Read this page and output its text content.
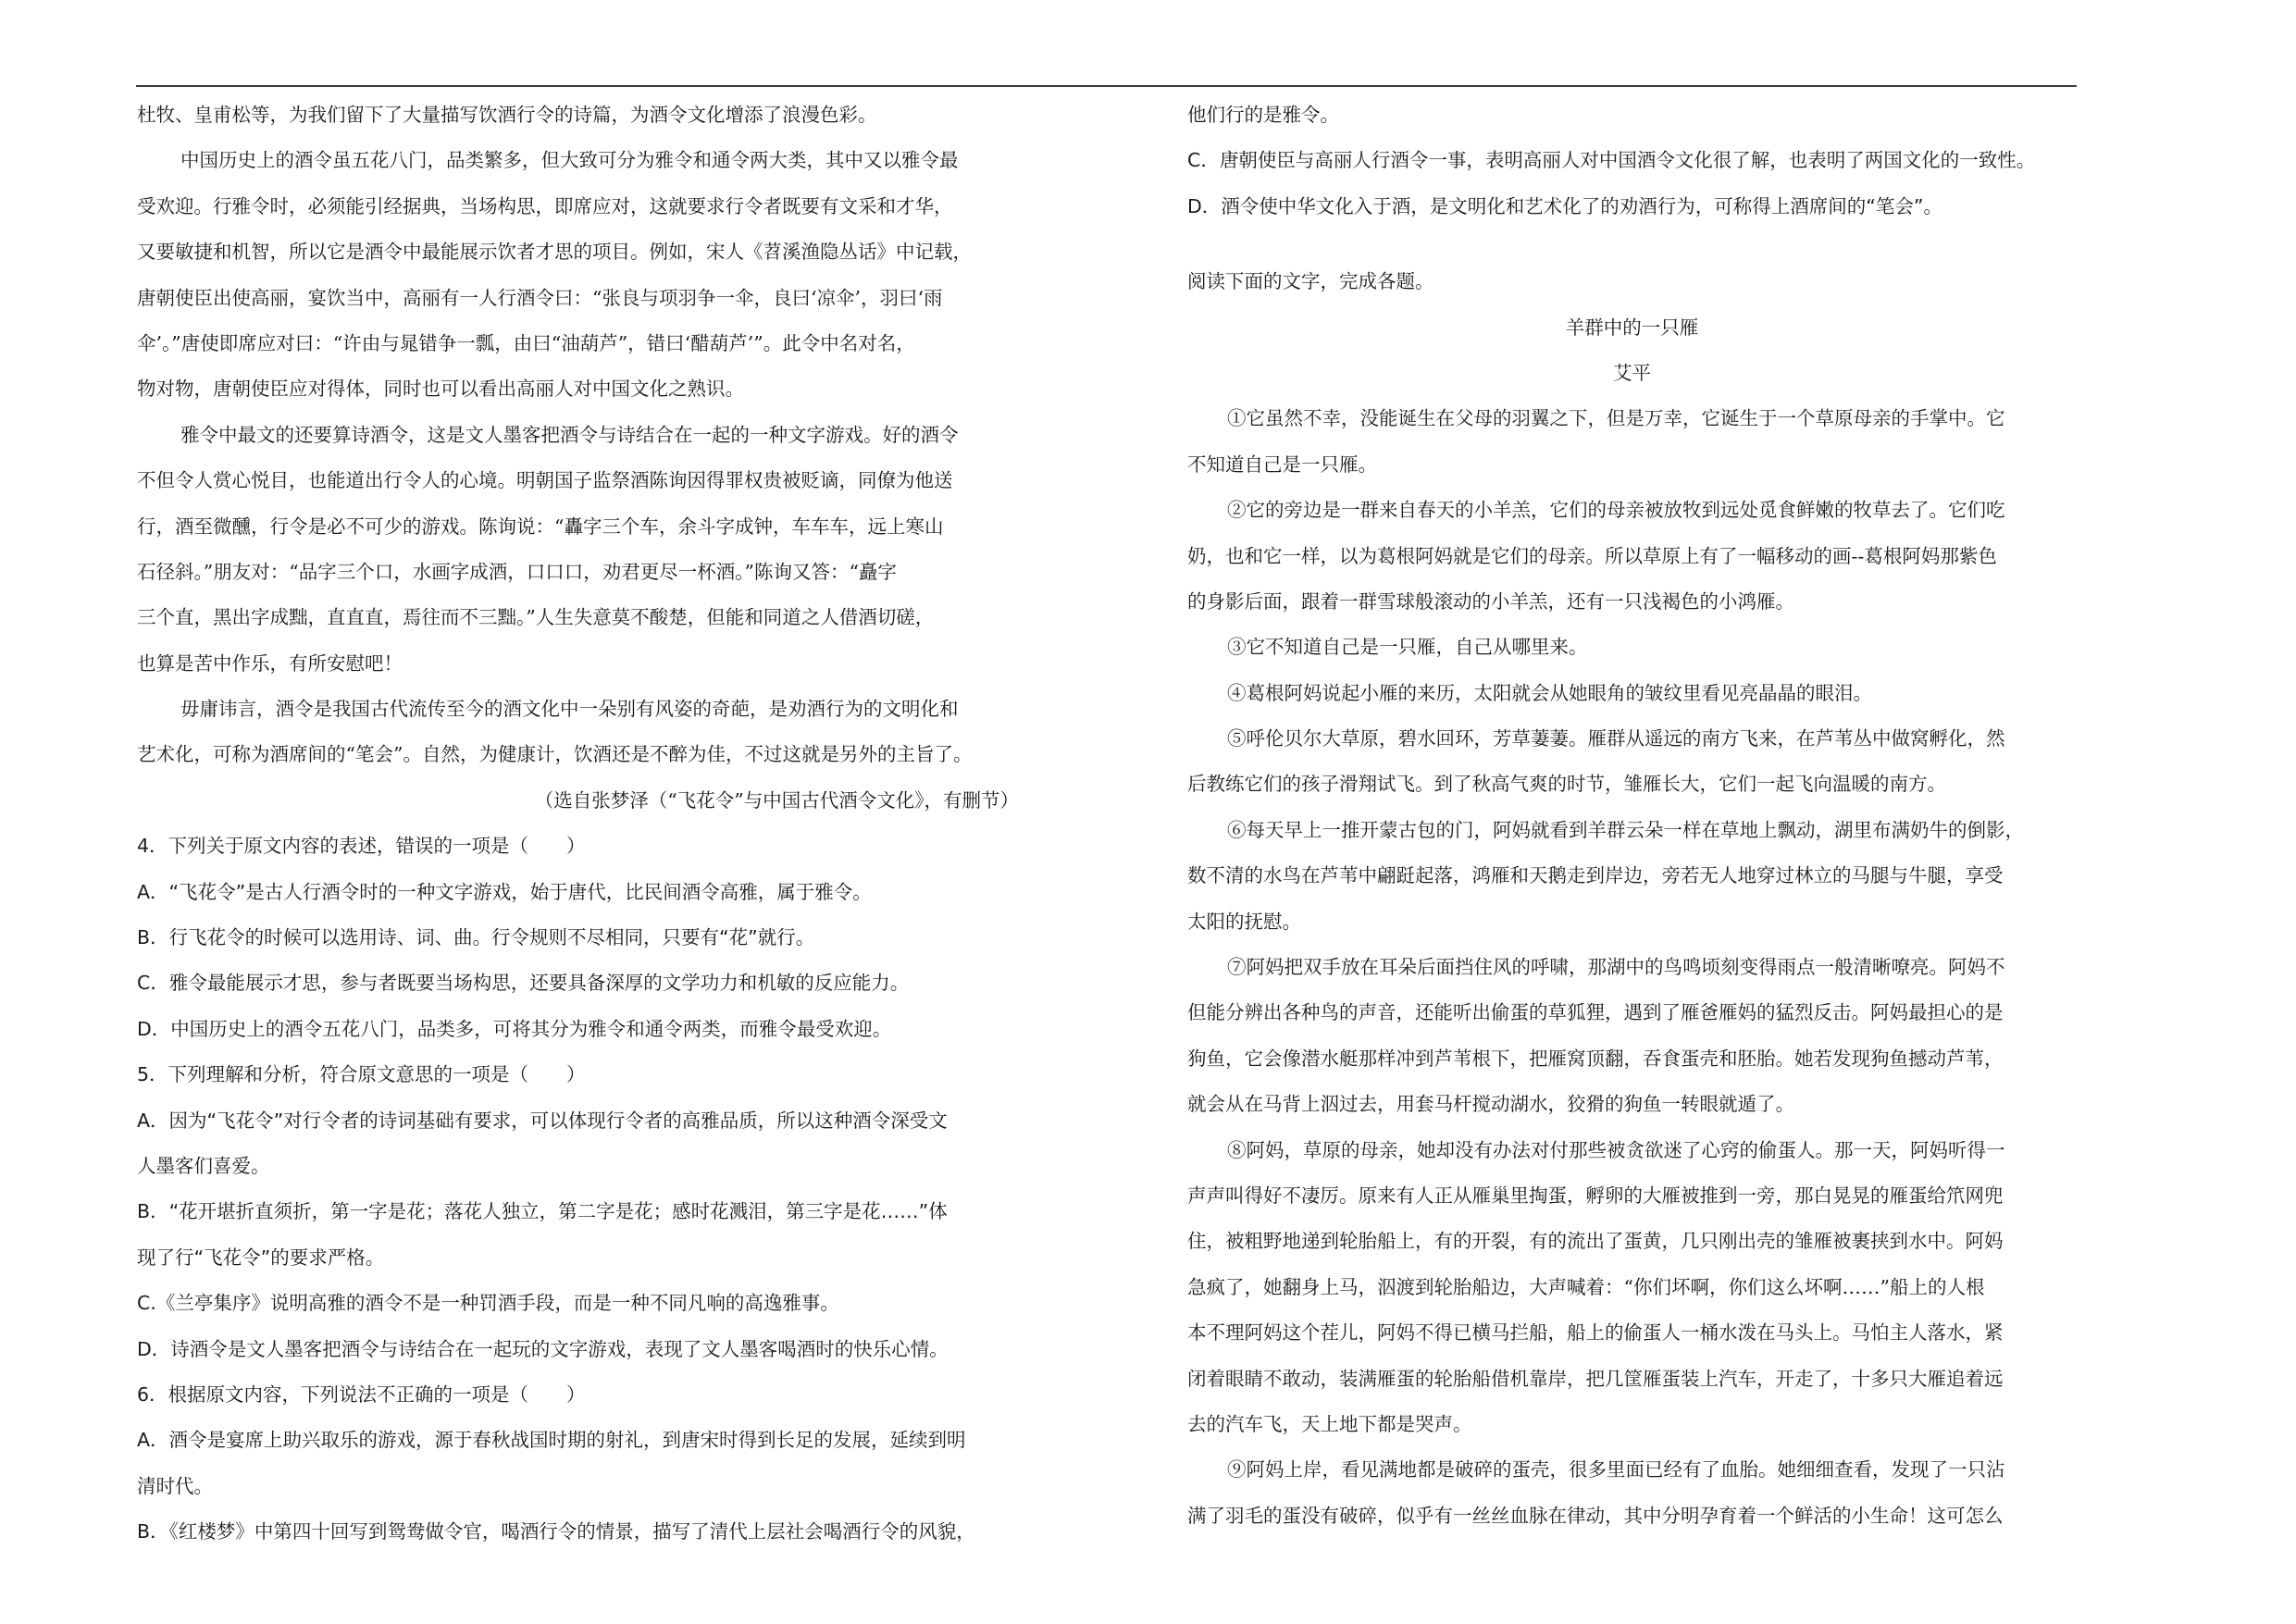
杜牧、皇甫松等，为我们留下了大量描写饮酒行令的诗篇，为酒令文化增添了浪漫色彩。
中国历史上的酒令虽五花八门，品类繁多，但大致可分为雅令和通令两大类，其中又以雅令最
受欢迎。行雅令时，必须能引经据典，当场构思，即席应对，这就要求行令者既要有文采和才华，
又要敏捷和机智，所以它是酒令中最能展示饮者才思的项目。例如，宋人《苕溪渔隐丛话》中记载，
唐朝使臣出使高丽，宴饮当中，高丽有一人行酒令曰：“张良与项羽争一伞，良曰‘凉伞’，羽曰‘雨
伞’。”唐使即席应对曰：“许由与晁错争一瓢，由曰“油葫芦”，错曰‘醋葫芦’”。此令中名对名，
物对物，唐朝使臣应对得体，同时也可以看出高丽人对中国文化之熟识。
雅令中最文的还要算诗酒令，这是文人墨客把酒令与诗结合在一起的一种文字游戏。好的酒令
不但令人赏心悦目，也能道出行令人的心境。明朝国子监祭酒陈询因得罪权贵被贬谪，同僚为他送
行，酒至微醺，行令是必不可少的游戏。陈询说：“轟字三个车，余斗字成钟，车车车，远上寒山
石径斜。”朋友对：“品字三个口，水画字成酒，口口口，劝君更尽一杯酒。”陈询又答：“矗字
三个直，黑出字成黜，直直直，焉往而不三黜。”人生失意莫不酸楚，但能和同道之人借酒切磋，
也算是苦中作乐，有所安慰吧！
毋庸讳言，酒令是我国古代流传至今的酒文化中一朵别有风姿的奇葩，是劝酒行为的文明化和
艺术化，可称为酒席间的“笔会”。自然，为健康计，饮酒还是不醉为佳，不过这就是另外的主旨了。
（选自张梦泽（“飞花令”与中国古代酒令文化》，有删节）
4．下列关于原文内容的表述，错误的一项是（　　）
A．“飞花令”是古人行酒令时的一种文字游戏，始于唐代，比民间酒令高雅，属于雅令。
B．行飞花令的时候可以选用诗、词、曲。行令规则不尽相同，只要有“花”就行。
C．雅令最能展示才思，参与者既要当场构思，还要具备深厚的文学功力和机敏的反应能力。
D．中国历史上的酒令五花八门，品类多，可将其分为雅令和通令两类，而雅令最受欢迎。
5．下列理解和分析，符合原文意思的一项是（　　）
A．因为“飞花令”对行令者的诗词基础有要求，可以体现行令者的高雅品质，所以这种酒令深受文
人墨客们喜爱。
B．“花开堪折直须折，第一字是花；落花人独立，第二字是花；感时花溅泪，第三字是花……”体
现了行“飞花令”的要求严格。
C.《兰亭集序》说明高雅的酒令不是一种罚酒手段，而是一种不同凡响的高逸雅事。
D．诗酒令是文人墨客把酒令与诗结合在一起玩的文字游戏，表现了文人墨客喝酒时的快乐心情。
6．根据原文内容，下列说法不正确的一项是（　　）
A．酒令是宴席上助兴取乐的游戏，源于春秋战国时期的射礼，到唐宋时得到长足的发展，延续到明
清时代。
B．《红楼梦》中第四十回写到鸳鸯做令官，喝酒行令的情景，描写了清代上层社会喝酒行令的风貌，
他们行的是雅令。
C．唐朝使臣与高丽人行酒令一事，表明高丽人对中国酒令文化很了解，也表明了两国文化的一致性。
D．酒令使中华文化入于酒，是文明化和艺术化了的劝酒行为，可称得上酒席间的“笔会”。
阅读下面的文字，完成各题。
羊群中的一只雁
艾平
①它虽然不幸，没能诞生在父母的羽翼之下，但是万幸，它诞生于一个草原母亲的手掌中。它
不知道自己是一只雁。
②它的旁边是一群来自春天的小羊羔，它们的母亲被放牧到远处觅食鲜嫩的牧草去了。它们吃
奶，也和它一样，以为葛根阿妈就是它们的母亲。所以草原上有了一幅移动的画--葛根阿妈那紫色
的身影后面，跟着一群雪球般滚动的小羊羔，还有一只浅褐色的小鸿雁。
③它不知道自己是一只雁，自己从哪里来。
④葛根阿妈说起小雁的来历，太阳就会从她眼角的皱纹里看见亮晶晶的眼泪。
⑤呼伦贝尔大草原，碧水回环，芳草萋萋。雁群从遥远的南方飞来，在芦苇丛中做窝孵化，然
后教练它们的孩子滑翔试飞。到了秋高气爽的时节，雏雁长大，它们一起飞向温暖的南方。
⑥每天早上一推开蒙古包的门，阿妈就看到羊群云朵一样在草地上飘动，湖里布满奶牛的倒影，
数不清的水鸟在芦苇中翩跹起落，鸿雁和天鹅走到岸边，旁若无人地穿过林立的马腿与牛腿，享受
太阳的抚慰。
⑦阿妈把双手放在耳朵后面挡住风的呼啸，那湖中的鸟鸣顷刻变得雨点一般清晰嘹亮。阿妈不
但能分辨出各种鸟的声音，还能听出偷蛋的草狐狸，遇到了雁爸雁妈的猛烈反击。阿妈最担心的是
狗鱼，它会像潜水艇那样冲到芦苇根下，把雁窝顶翻，吞食蛋壳和胚胎。她若发现狗鱼撼动芦苇，
就会从在马背上泅过去，用套马杆搅动湖水，狡猾的狗鱼一转眼就遁了。
⑧阿妈，草原的母亲，她却没有办法对付那些被贪欲迷了心窍的偷蛋人。那一天，阿妈听得一
声声叫得好不凄厉。原来有人正从雁巢里掏蛋，孵卵的大雁被推到一旁，那白晃晃的雁蛋给笊网兜
住，被粗野地递到轮胎船上，有的开裂，有的流出了蛋黄，几只刚出壳的雏雁被裹挟到水中。阿妈
急疯了，她翻身上马，泅渡到轮胎船边，大声喊着：“你们坏啊，你们这么坏啊……”船上的人根
本不理阿妈这个茬儿，阿妈不得已横马拦船，船上的偷蛋人一桶水泼在马头上。马怕主人落水，紧
闭着眼睛不敢动，装满雁蛋的轮胎船借机靠岸，把几筐雁蛋装上汽车，开走了，十多只大雁追着远
去的汽车飞，天上地下都是哭声。
⑨阿妈上岸，看见满地都是破碎的蛋壳，很多里面已经有了血胎。她细细查看，发现了一只沾
满了羽毛的蛋没有破碎，似乎有一丝丝血脉在律动，其中分明孕育着一个鲜活的小生命！这可怎么
